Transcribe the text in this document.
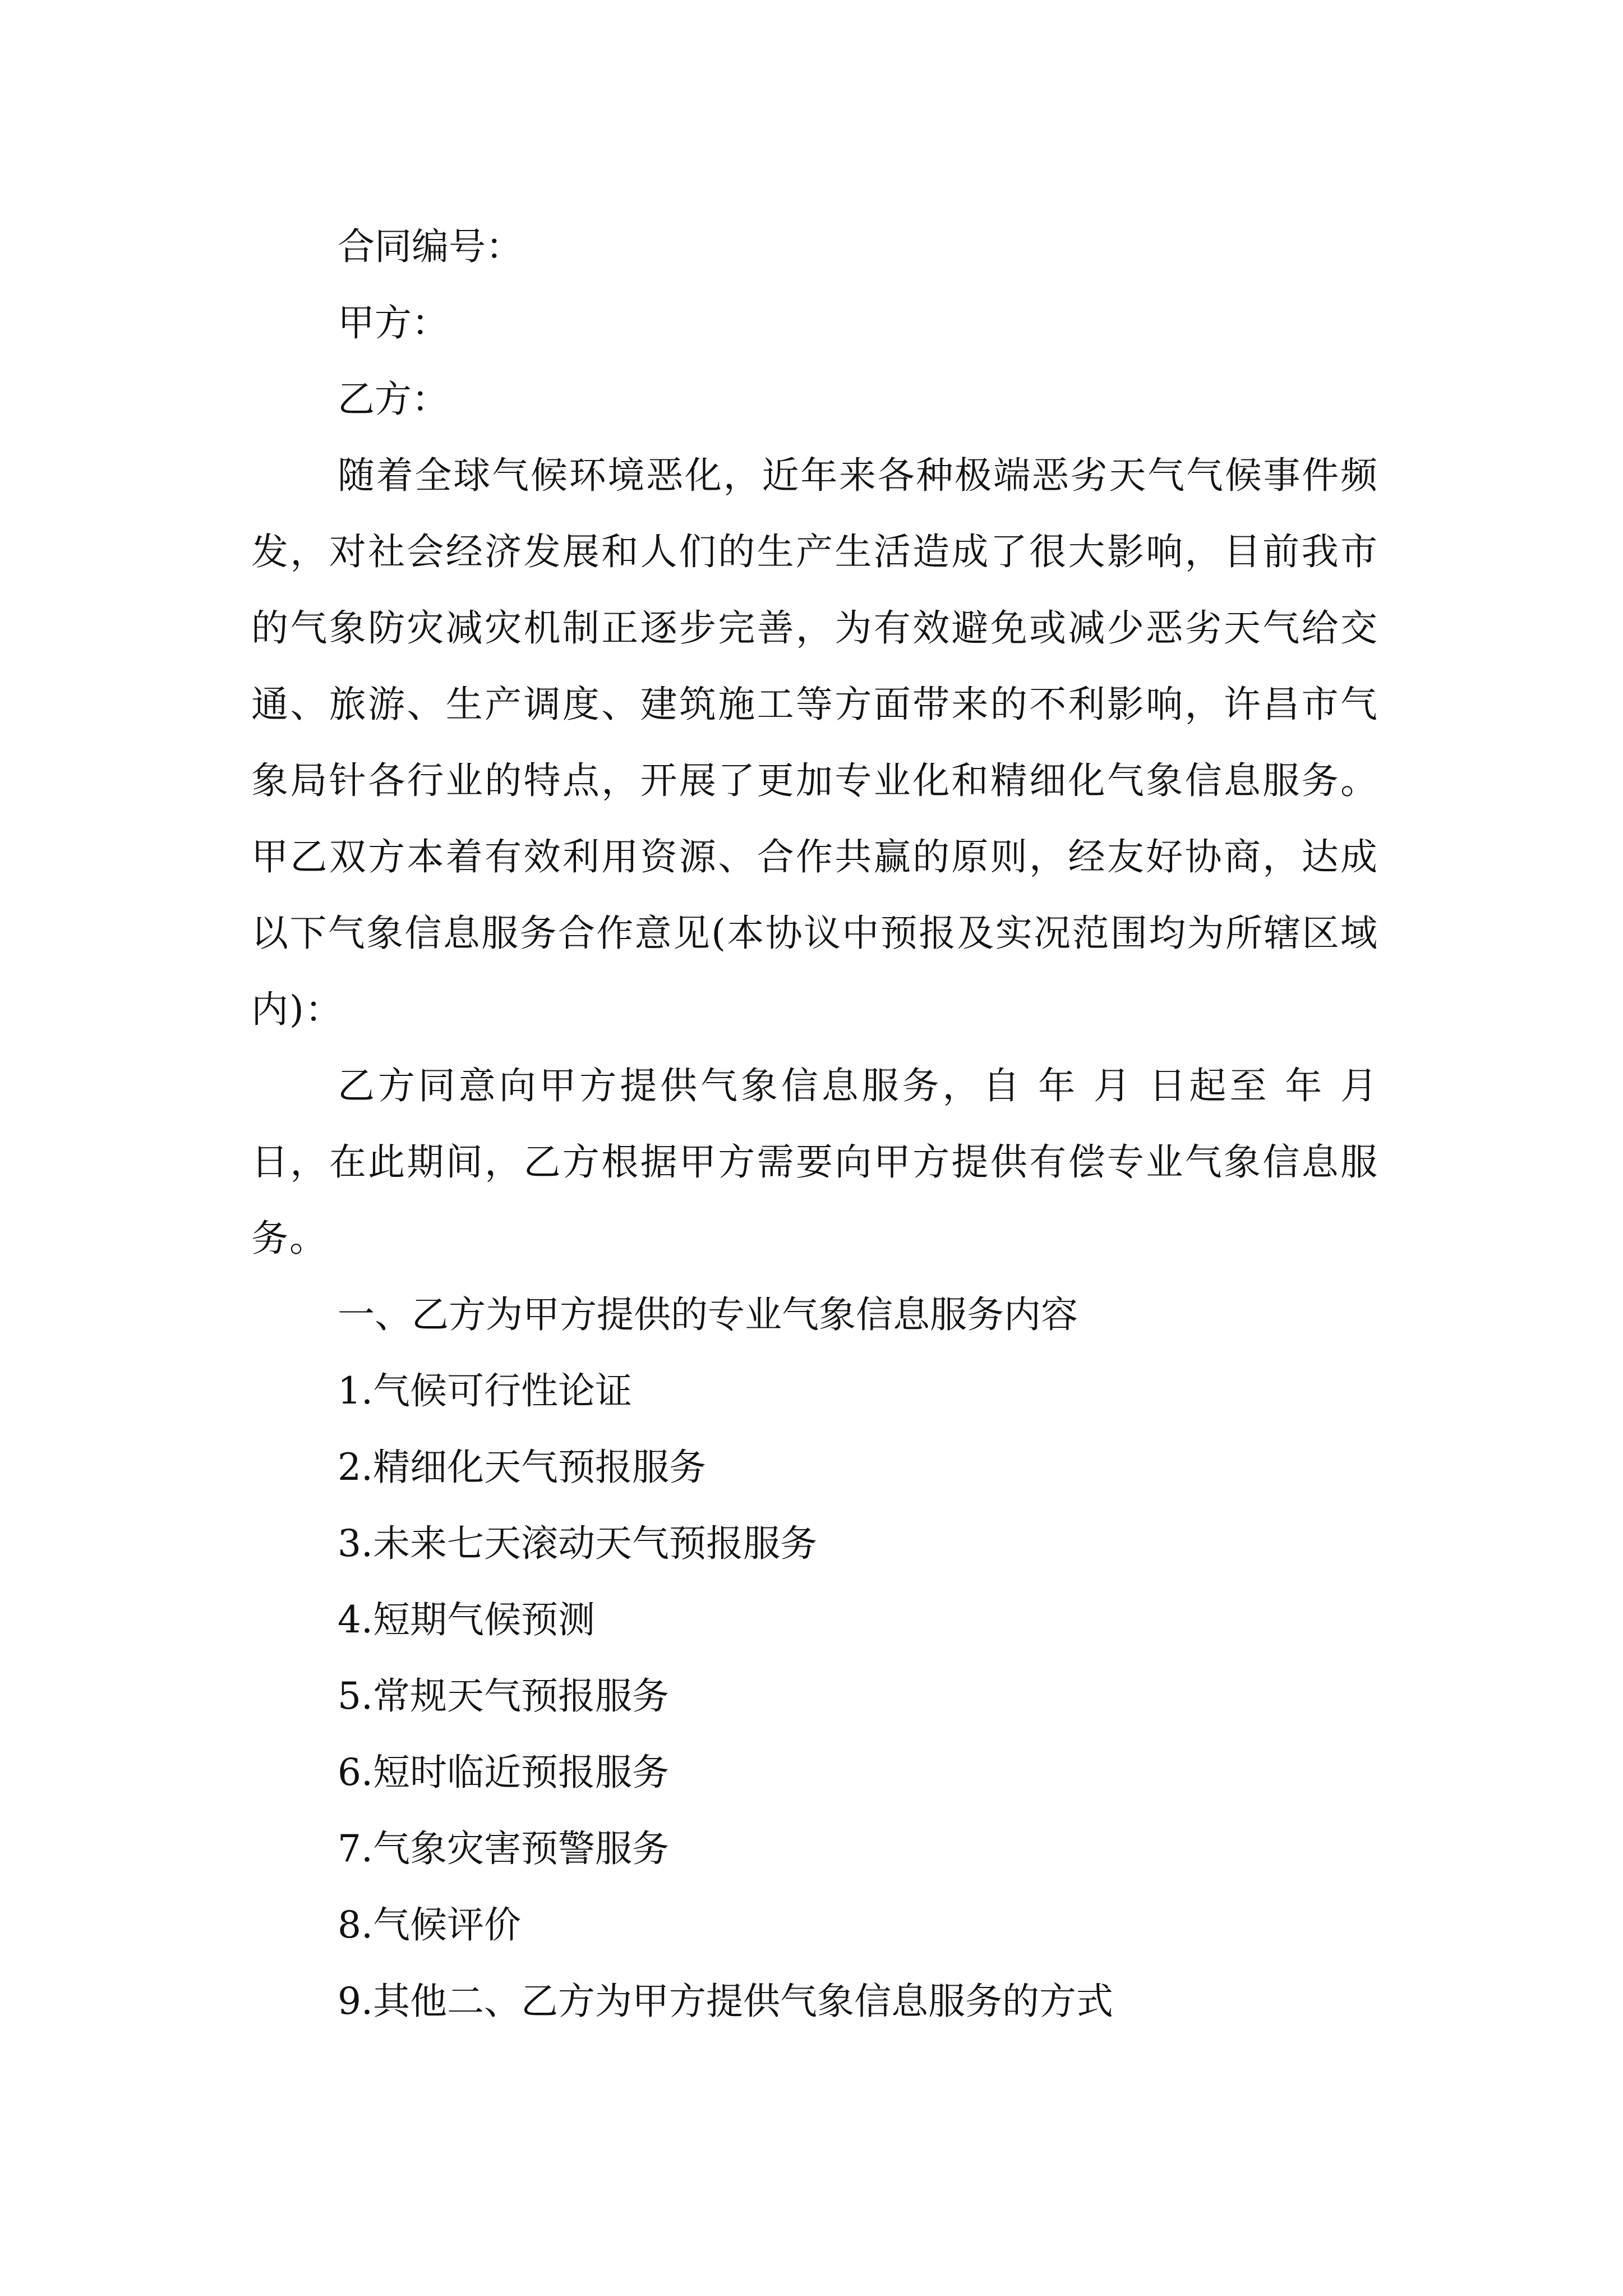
合同编号：

甲方：

乙方：

随着全球气候环境恶化，近年来各种极端恶劣天气气候事件频发，对社会经济发展和人们的生产生活造成了很大影响，目前我市的气象防灾减灾机制正逐步完善，为有效避免或减少恶劣天气给交通、旅游、生产调度、建筑施工等方面带来的不利影响，许昌市气象局针各行业的特点，开展了更加专业化和精细化气象信息服务。甲乙双方本着有效利用资源、合作共赢的原则，经友好协商，达成以下气象信息服务合作意见(本协议中预报及实况范围均为所辖区域内)：

乙方同意向甲方提供气象信息服务，自 年 月 日起至 年 月 日，在此期间，乙方根据甲方需要向甲方提供有偿专业气象信息服务。

一、乙方为甲方提供的专业气象信息服务内容

1.气候可行性论证

2.精细化天气预报服务

3.未来七天滚动天气预报服务

4.短期气候预测

5.常规天气预报服务

6.短时临近预报服务

7.气象灾害预警服务

8.气候评价

9.其他二、乙方为甲方提供气象信息服务的方式
